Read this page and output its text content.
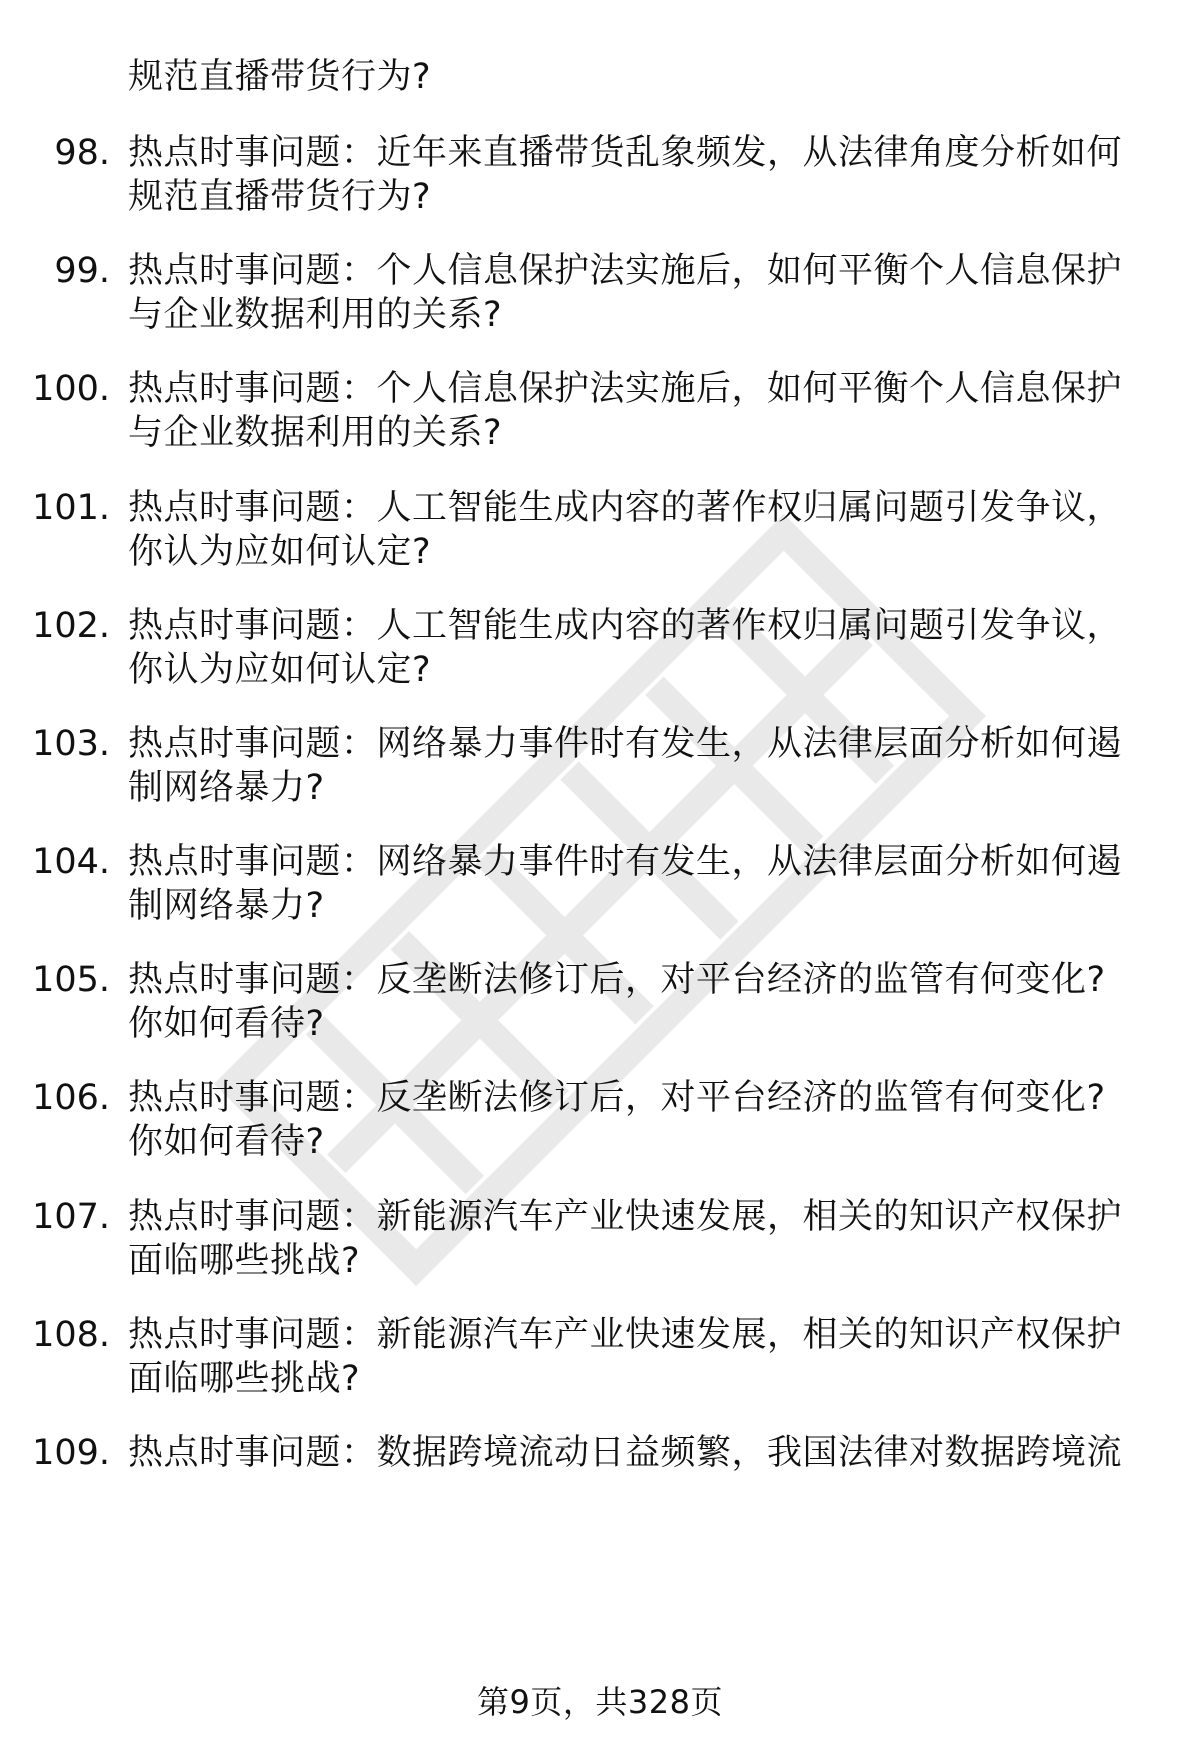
规范直播带货行为?
98. 热点时事问题：近年来直播带货乱象频发，从法律角度分析如何
规范直播带货行为?
99. 热点时事问题：个人信息保护法实施后，如何平衡个人信息保护
与企业数据利用的关系?
100. 热点时事问题：个人信息保护法实施后，如何平衡个人信息保护
与企业数据利用的关系?
101. 热点时事问题：人工智能生成内容的著作权归属问题引发争议，
你认为应如何认定?
102. 热点时事问题：人工智能生成内容的著作权归属问题引发争议，
你认为应如何认定?
103. 热点时事问题：网络暴力事件时有发生，从法律层面分析如何遏
制网络暴力?
104. 热点时事问题：网络暴力事件时有发生，从法律层面分析如何遏
制网络暴力?
105. 热点时事问题：反垄断法修订后，对平台经济的监管有何变化?
你如何看待?
106. 热点时事问题：反垄断法修订后，对平台经济的监管有何变化?
你如何看待?
107. 热点时事问题：新能源汽车产业快速发展，相关的知识产权保护
面临哪些挑战?
108. 热点时事问题：新能源汽车产业快速发展，相关的知识产权保护
面临哪些挑战?
109. 热点时事问题：数据跨境流动日益频繁，我国法律对数据跨境流
第9页，共328页
